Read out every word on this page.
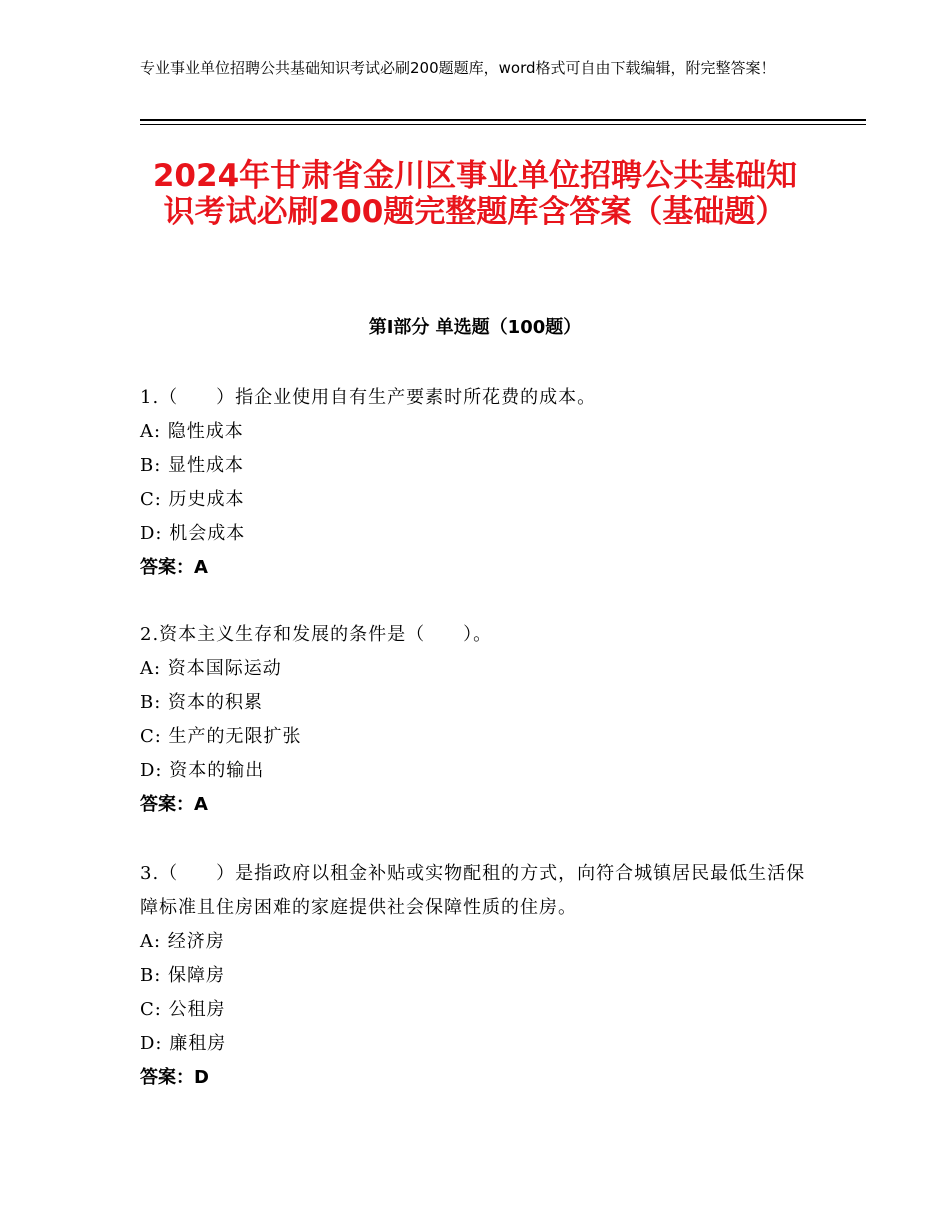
专业事业单位招聘公共基础知识考试必刷200题题库，word格式可自由下载编辑，附完整答案！
2024年甘肃省金川区事业单位招聘公共基础知识考试必刷200题完整题库含答案（基础题）
第Ⅰ部分 单选题（100题）

1.（　　）指企业使用自有生产要素时所花费的成本。

A: 隐性成本

B: 显性成本

C: 历史成本

D: 机会成本

答案：A

2.资本主义生存和发展的条件是（　　）。

A: 资本国际运动

B: 资本的积累

C: 生产的无限扩张

D: 资本的输出

答案：A

3.（　　）是指政府以租金补贴或实物配租的方式，向符合城镇居民最低生活保障标准且住房困难的家庭提供社会保障性质的住房。

A: 经济房

B: 保障房

C: 公租房

D: 廉租房

答案：D
